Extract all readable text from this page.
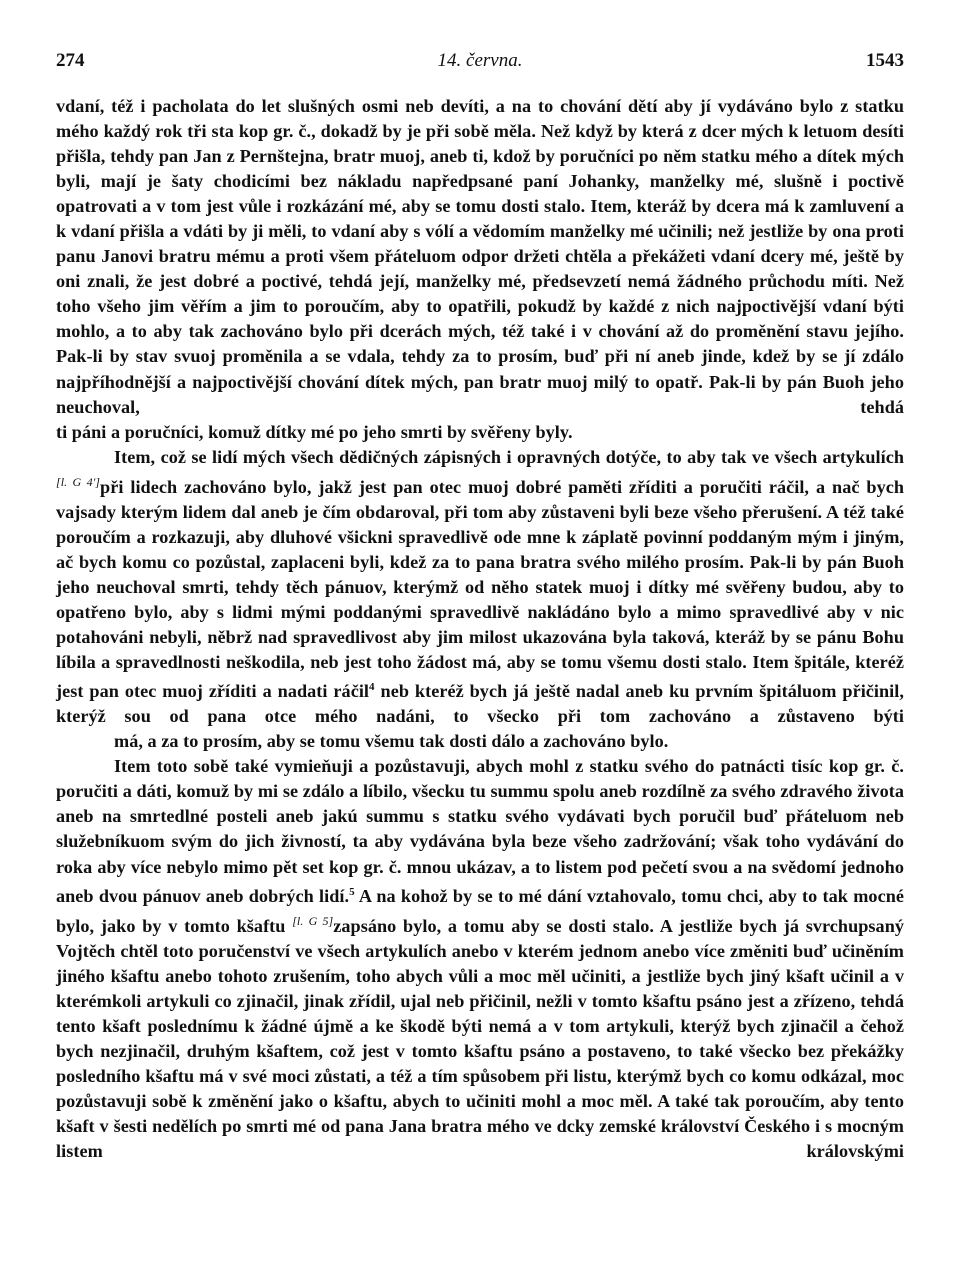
274	14. června.	1543

vdaní, též i pacholata do let slušných osmi neb devíti, a na to chování dětí aby jí vydáváno bylo z statku mého každý rok tři sta kop gr. č., dokadž by je při sobě měla. Než když by která z dcer mých k letuom desíti přišla, tehdy pan Jan z Pernštejna, bratr muoj, aneb ti, kdož by poručníci po něm statku mého a dítek mých byli, mají je šaty chodicími bez nákladu napředpsané paní Johanky, manželky mé, slušně i poctivě opatrovati a v tom jest vůle i rozkázání mé, aby se tomu dosti stalo. Item, kteráž by dcera má k zamluvení a k vdaní přišla a vdáti by ji měli, to vdaní aby s vólí a vědomím manželky mé učinili; než jestliže by ona proti panu Janovi bratru mému a proti všem přáteluom odpor držeti chtěla a překážeti vdaní dcery mé, ještě by oni znali, že jest dobré a poctivé, tehdá její, manželky mé, předsevzetí nemá žádného průchodu míti. Než toho všeho jim věřím a jim to poroučím, aby to opatřili, pokudž by každé z nich najpoctivější vdaní býti mohlo, a to aby tak zachováno bylo při dcerách mých, též také i v chování až do proměnění stavu jejího. Pak-li by stav svuoj proměnila a se vdala, tehdy za to prosím, buď při ní aneb jinde, kdež by se jí zdálo najpříhodnější a najpoctivější chování dítek mých, pan bratr muoj milý to opatř. Pak-li by pán Buoh jeho neuchoval, tehdá
ti páni a poručníci, komuž dítky mé po jeho smrti by svěřeny byly.

Item, což se lidí mých všech dědičných zápisných i opravných dotýče, to aby tak ve všech artykulích [l. G 4']při lidech zachováno bylo, jakž jest pan otec muoj dobré paměti zříditi a poručiti ráčil, a nač bych vajsady kterým lidem dal aneb je čím obdaroval, při tom aby zůstaveni byli beze všeho přerušení. A též také poroučím a rozkazuji, aby dluhové všickni spravedlivě ode mne k záplatě povinní poddaným mým i jiným, ač bych komu co pozůstal, zaplaceni byli, kdež za to pana bratra svého milého prosím. Pak-li by pán Buoh jeho neuchoval smrti, tehdy těch pánuov, kterýmž od něho statek muoj i dítky mé svěřeny budou, aby to opatřeno bylo, aby s lidmi mými poddanými spravedlivě nakládáno bylo a mimo spravedlivé aby v nic potahováni nebyli, něbrž nad spravedlivost aby jim milost ukazována byla taková, kteráž by se pánu Bohu líbila a spravedlnosti neškodila, neb jest toho žádost má, aby se tomu všemu dosti stalo. Item špitále, kteréž jest pan otec muoj zříditi a nadati ráčil$^4$ neb kteréž bych já ještě nadal aneb ku prvním špitáluom přičinil, kterýž sou od pana otce mého nadáni, to všecko při tom zachováno a zůstaveno býti
má, a za to prosím, aby se tomu všemu tak dosti dálo a zachováno bylo.

Item toto sobě také vymieňuji a pozůstavuji, abych mohl z statku svého do patnácti tisíc kop gr. č. poručiti a dáti, komuž by mi se zdálo a líbilo, všecku tu summu spolu aneb rozdílně za svého zdravého života aneb na smrtedlné posteli aneb jakú summu s statku svého vydávati bych poručil buď přáteluom neb služebníkuom svým do jich živností, ta aby vydávána byla beze všeho zadržování; však toho vydávání do roka aby více nebylo mimo pět set kop gr. č. mnou ukázav, a to listem pod pečetí svou a na svědomí jednoho aneb dvou pánuov aneb dobrých lidí.$^5$ A na kohož by se to mé dání vztahovalo, tomu chci, aby to tak mocné bylo, jako by v tomto kšaftu [l. G 5]zapsáno bylo, a tomu aby se dosti stalo. A jestliže bych já svrchupsaný Vojtěch chtěl toto poručenství ve všech artykulích anebo v kterém jednom anebo více změniti buď učiněním jiného kšaftu anebo tohoto zrušením, toho abych vůli a moc měl učiniti, a jestliže bych jiný kšaft učinil a v kterémkoli artykuli co zjinačil, jinak zřídil, ujal neb přičinil, nežli v tomto kšaftu psáno jest a zřízeno, tehdá tento kšaft poslednímu k žádné újmě a ke škodě býti nemá a v tom artykuli, kterýž bych zjinačil a čehož bych nezjinačil, druhým kšaftem, což jest v tomto kšaftu psáno a postaveno, to také všecko bez překážky posledního kšaftu má v své moci zůstati, a též a tím spůsobem při listu, kterýmž bych co komu odkázal, moc pozůstavuji sobě k změnění jako o kšaftu, abych to učiniti mohl a moc měl. A také tak poroučím, aby tento kšaft v šesti nedělích po smrti mé od pana Jana bratra mého ve dcky zemské království Českého i s mocným listem královskými
